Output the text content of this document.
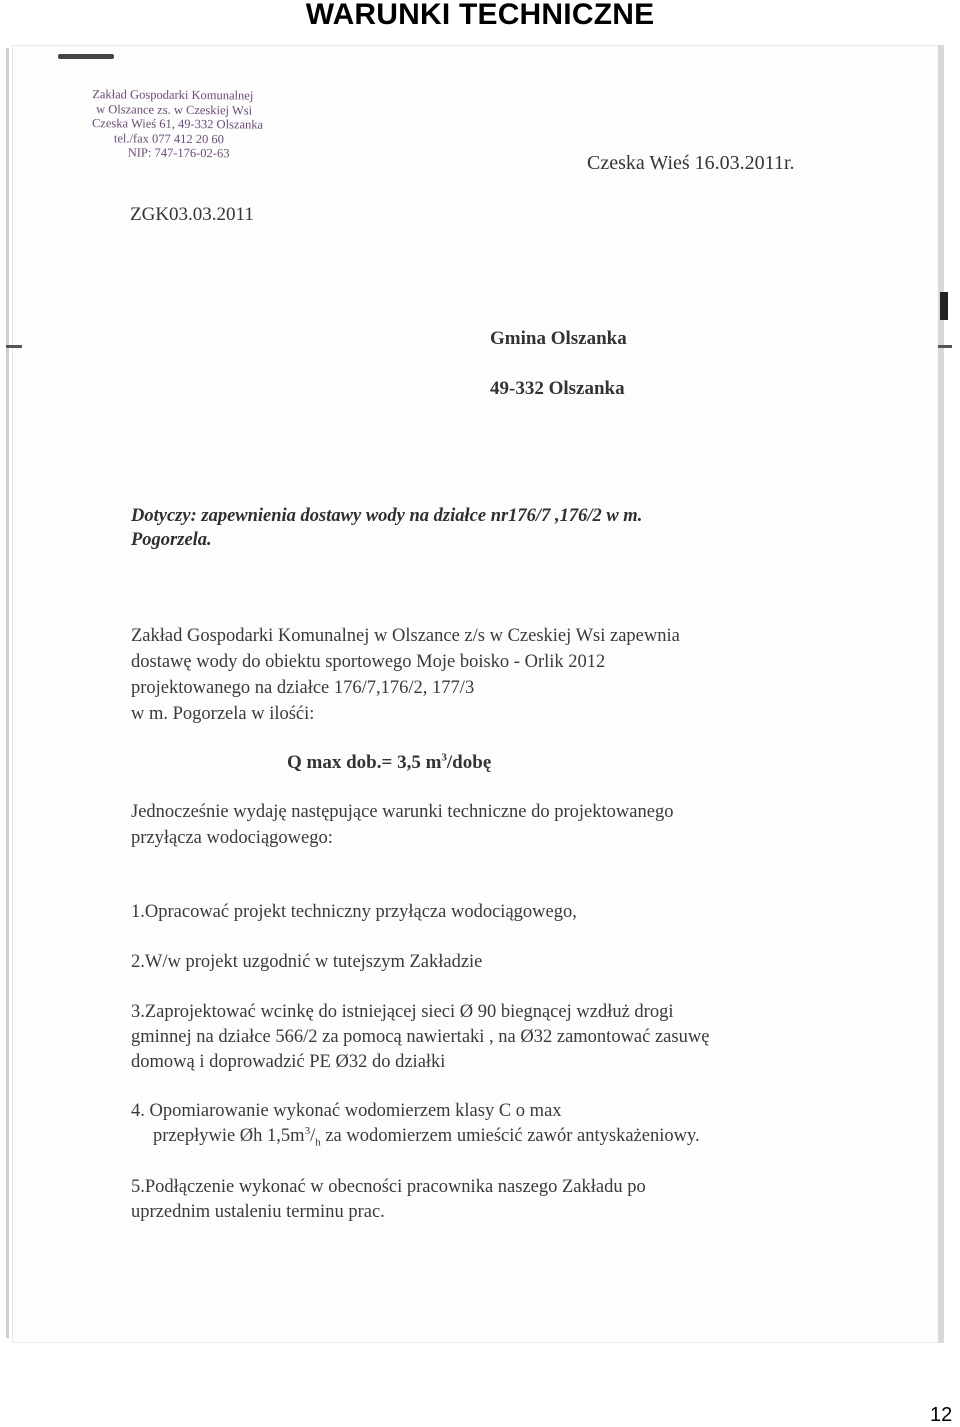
WARUNKI TECHNICZNE
Zakład Gospodarki Komunalnej
w Olszance zs. w Czeskiej Wsi
Czeska Wieś 61, 49-332 Olszanka
tel./fax 077 412 20 60
NIP: 747-176-02-63	Czeska Wieś 16.03.2011r.
ZGK03.03.2011
Gmina Olszanka
49-332 Olszanka
Dotyczy: zapewnienia dostawy wody na działce nr176/7 ,176/2 w m.
Pogorzela.
Zakład Gospodarki Komunalnej w Olszance z/s w Czeskiej Wsi zapewnia
dostawę wody do obiektu sportowego Moje boisko - Orlik 2012
projektowanego na działce 176/7,176/2, 177/3
w m. Pogorzela w ilośći:
Q max dob.= 3,5 $m^3$/dobę
Jednocześnie wydaję następujące warunki techniczne do projektowanego
przyłącza wodociągowego:
1.Opracować projekt techniczny przyłącza wodociągowego,
2.W/w projekt uzgodnić w tutejszym Zakładzie
3.Zaprojektować wcinkę do istniejącej sieci Ø 90 biegnącej wzdłuż drogi
gminnej na działce 566/2 za pomocą nawiertaki , na Ø32 zamontować zasuwę
domową i doprowadzić PE Ø32 do działki
4. Opomiarowanie wykonać wodomierzem klasy C o max
przepływie Øh $1,5m^3/_h$ za wodomierzem umieścić zawór antyskażeniowy.
5.Podłączenie wykonać w obecności pracownika naszego Zakładu po
uprzednim ustaleniu terminu prac.
12
